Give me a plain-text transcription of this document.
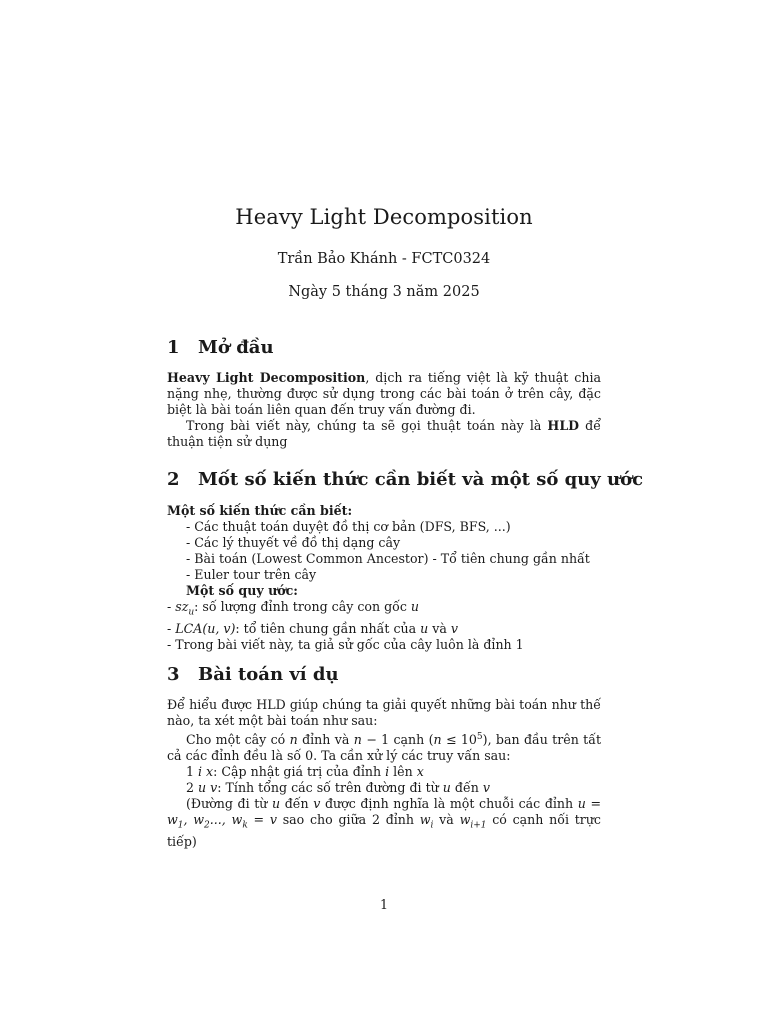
Heavy Light Decomposition
Trần Bảo Khánh - FCTC0324
Ngày 5 tháng 3 năm 2025
1 Mở đầu

Heavy Light Decomposition, dịch ra tiếng việt là kỹ thuật chia nặng nhẹ, thường được sử dụng trong các bài toán ở trên cây, đặc biệt là bài toán liên quan đến truy vấn đường đi.

Trong bài viết này, chúng ta sẽ gọi thuật toán này là HLD để thuận tiện sử dụng

2 Mốt số kiến thức cần biết và một số quy ước
Một số kiến thức cần biết:
- Các thuật toán duyệt đồ thị cơ bản (DFS, BFS, ...)
- Các lý thuyết về đồ thị dạng cây
- Bài toán (Lowest Common Ancestor) - Tổ tiên chung gần nhất
- Euler tour trên cây
Một số quy ước:
- $sz_u$: số lượng đỉnh trong cây con gốc u
- LCA(u, v): tổ tiên chung gần nhất của u và v
- Trong bài viết này, ta giả sử gốc của cây luôn là đỉnh 1
3 Bài toán ví dụ

Để hiểu được HLD giúp chúng ta giải quyết những bài toán như thế nào, ta xét một bài toán như sau:

Cho một cây có n đỉnh và n − 1 cạnh $(n \le 10^5)$, ban đầu trên tất cả các đỉnh đều là số 0. Ta cần xử lý các truy vấn sau:

1 i x: Cập nhật giá trị của đỉnh i lên x

2 u v: Tính tổng các số trên đường đi từ u đến v

(Đường đi từ u đến v được định nghĩa là một chuỗi các đỉnh $u = w_1$, $w_2$..., $w_k = v$ sao cho giữa 2 đỉnh $w_i$ và $w_{i+1}$ có cạnh nối trực tiếp)

1
